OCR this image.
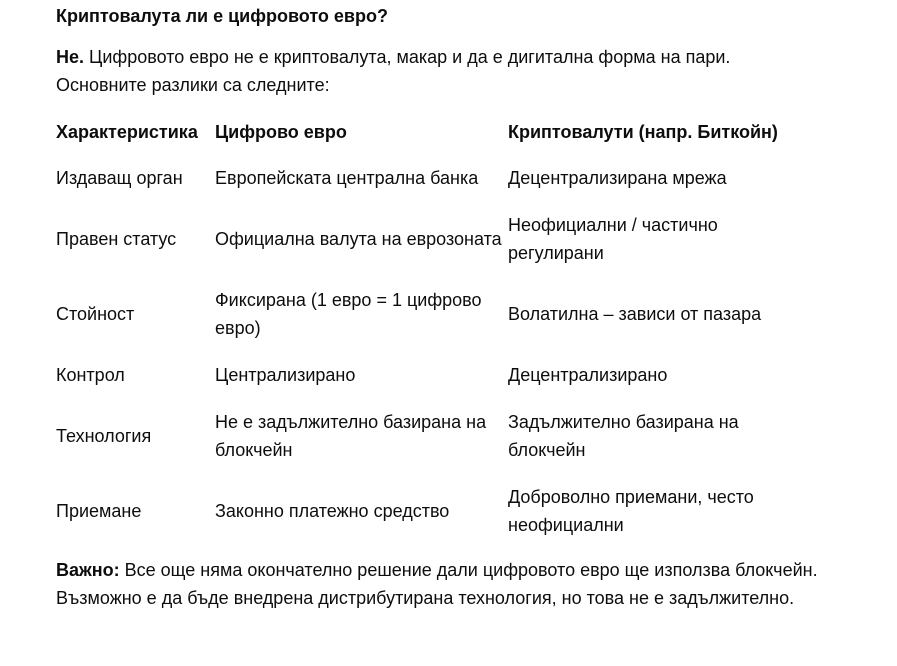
Криптовалута ли е цифровото евро?

Не. Цифровото евро не е криптовалута, макар и да е дигитална форма на пари. Основните разлики са следните:

Характеристика	Цифрово евро	Криптовалути (напр. Биткойн)

Издаващ орган	Европейската централна банка	Децентрализирана мрежа

Правен статус	Официална валута на еврозоната	Неофициални / частично регулирани

Стойност	Фиксирана (1 евро = 1 цифрово евро)	Волатилна – зависи от пазара

Контрол	Централизирано	Децентрализирано

Технология	Не е задължително базирана на блокчейн	Задължително базирана на блокчейн

Приемане	Законно платежно средство	Доброволно приемани, често неофициални

Важно: Все още няма окончателно решение дали цифровото евро ще използва блокчейн. Възможно е да бъде внедрена дистрибутирана технология, но това не е задължително.
